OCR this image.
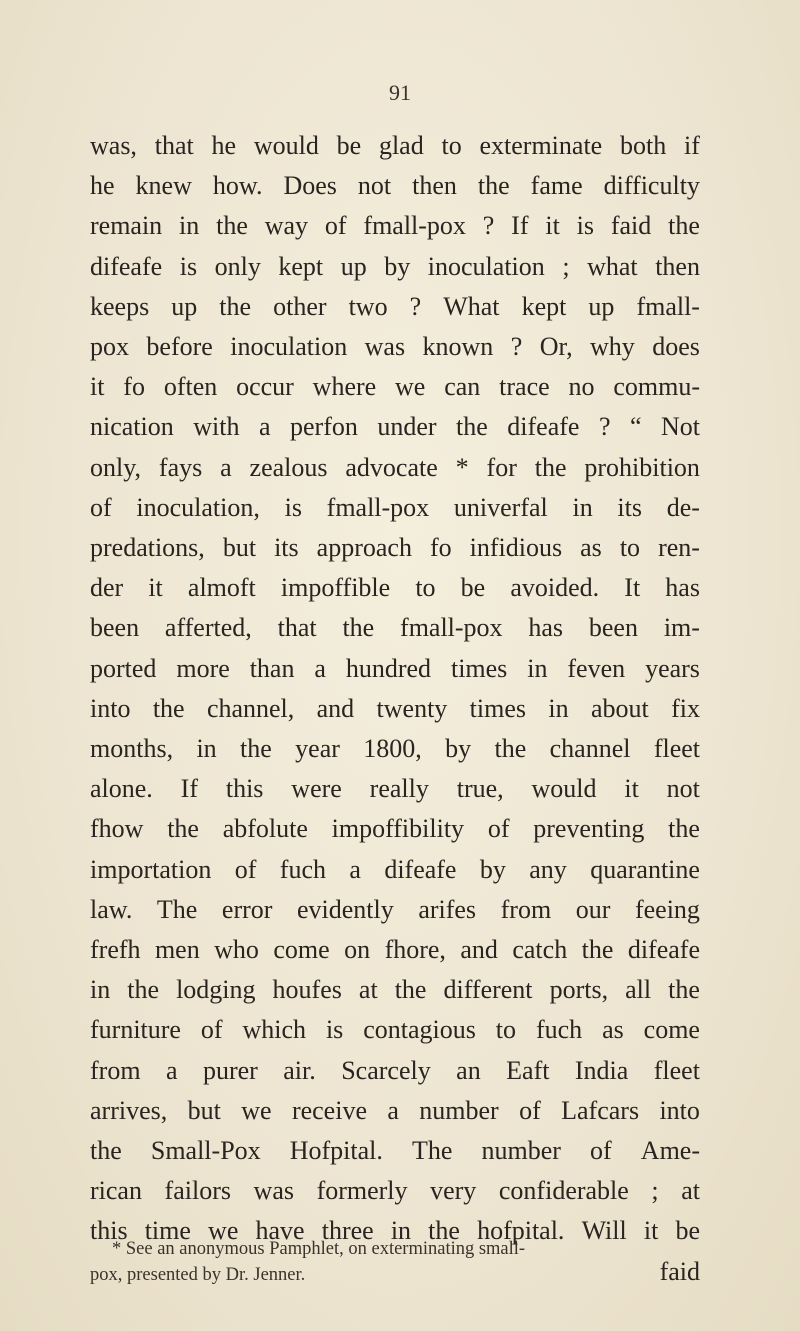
91
was, that he would be glad to exterminate both if
he knew how. Does not then the fame difficulty
remain in the way of fmall-pox ? If it is faid the
difeafe is only kept up by inoculation ; what then
keeps up the other two ? What kept up fmall-
pox before inoculation was known ? Or, why does
it fo often occur where we can trace no commu-
nication with a perfon under the difeafe ? “ Not
only, fays a zealous advocate * for the prohibition
of inoculation, is fmall-pox univerfal in its de-
predations, but its approach fo infidious as to ren-
der it almoft impoffible to be avoided. It has
been afferted, that the fmall-pox has been im-
ported more than a hundred times in feven years
into the channel, and twenty times in about fix
months, in the year 1800, by the channel fleet
alone. If this were really true, would it not
fhow the abfolute impoffibility of preventing the
importation of fuch a difeafe by any quarantine
law. The error evidently arifes from our feeing
frefh men who come on fhore, and catch the difeafe
in the lodging houfes at the different ports, all the
furniture of which is contagious to fuch as come
from a purer air. Scarcely an Eaft India fleet
arrives, but we receive a number of Lafcars into
the Small-Pox Hofpital. The number of Ame-
rican failors was formerly very confiderable ; at
this time we have three in the hofpital. Will it be
faid
* See an anonymous Pamphlet, on exterminating small-
pox, presented by Dr. Jenner.
